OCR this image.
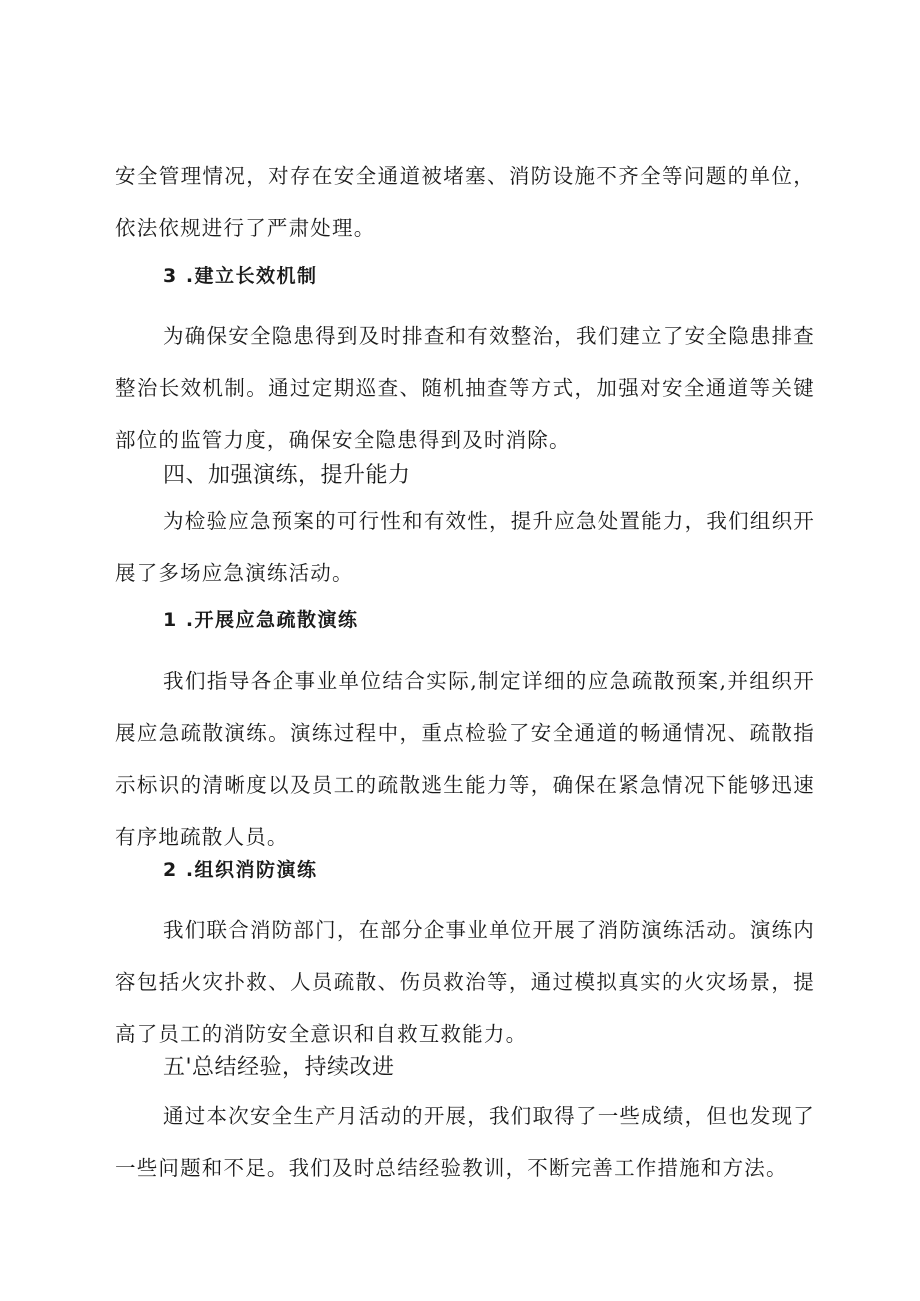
安全管理情况，对存在安全通道被堵塞、消防设施不齐全等问题的单位，依法依规进行了严肃处理。

3 .建立长效机制

为确保安全隐患得到及时排查和有效整治，我们建立了安全隐患排查整治长效机制。通过定期巡查、随机抽查等方式，加强对安全通道等关键部位的监管力度，确保安全隐患得到及时消除。

四、加强演练，提升能力

为检验应急预案的可行性和有效性，提升应急处置能力，我们组织开展了多场应急演练活动。

1 .开展应急疏散演练

我们指导各企事业单位结合实际,制定详细的应急疏散预案,并组织开展应急疏散演练。演练过程中，重点检验了安全通道的畅通情况、疏散指示标识的清晰度以及员工的疏散逃生能力等，确保在紧急情况下能够迅速有序地疏散人员。

2 .组织消防演练

我们联合消防部门，在部分企事业单位开展了消防演练活动。演练内容包括火灾扑救、人员疏散、伤员救治等，通过模拟真实的火灾场景，提高了员工的消防安全意识和自救互救能力。

五'总结经验，持续改进

通过本次安全生产月活动的开展，我们取得了一些成绩，但也发现了一些问题和不足。我们及时总结经验教训，不断完善工作措施和方法。
